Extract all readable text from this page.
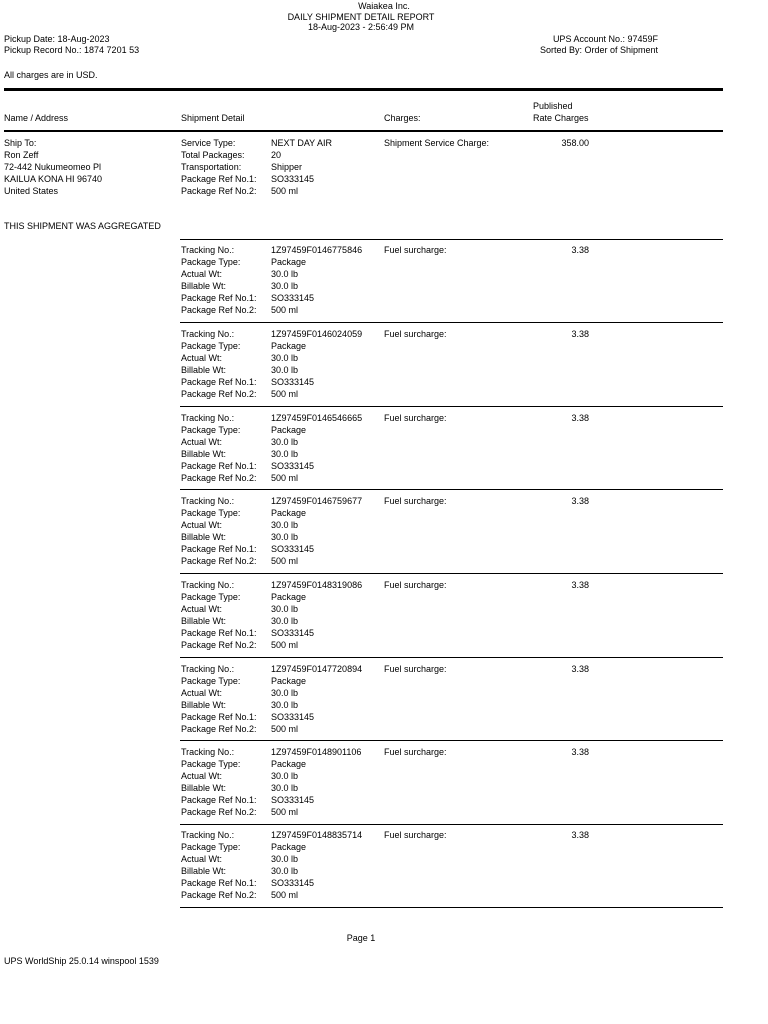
Waiakea Inc.
DAILY SHIPMENT DETAIL REPORT
18-Aug-2023 - 2:56:49 PM
Pickup Date: 18-Aug-2023
Pickup Record No.: 1874 7201 53
UPS Account No.: 97459F
Sorted By: Order of Shipment
All charges are in USD.
Name / Address	Shipment Detail	Charges:
Published
Rate Charges
Ship To:
Ron Zeff
72-442 Nukumeomeo Pl
KAILUA KONA HI 96740
United States
Service Type:	NEXT DAY AIR
Total Packages:	20
Transportation:	Shipper
Package Ref No.1:	SO333145
Package Ref No.2:	500 ml
Shipment Service Charge:	358.00
THIS SHIPMENT WAS AGGREGATED
Tracking No.:	1Z97459F0146775846
Package Type:	Package
Actual Wt:	30.0 lb
Billable Wt:	30.0 lb
Package Ref No.1:	SO333145
Package Ref No.2:	500 ml
Fuel surcharge:	3.38
Tracking No.:	1Z97459F0146024059
Package Type:	Package
Actual Wt:	30.0 lb
Billable Wt:	30.0 lb
Package Ref No.1:	SO333145
Package Ref No.2:	500 ml
Fuel surcharge:	3.38
Tracking No.:	1Z97459F0146546665
Package Type:	Package
Actual Wt:	30.0 lb
Billable Wt:	30.0 lb
Package Ref No.1:	SO333145
Package Ref No.2:	500 ml
Fuel surcharge:	3.38
Tracking No.:	1Z97459F0146759677
Package Type:	Package
Actual Wt:	30.0 lb
Billable Wt:	30.0 lb
Package Ref No.1:	SO333145
Package Ref No.2:	500 ml
Fuel surcharge:	3.38
Tracking No.:	1Z97459F0148319086
Package Type:	Package
Actual Wt:	30.0 lb
Billable Wt:	30.0 lb
Package Ref No.1:	SO333145
Package Ref No.2:	500 ml
Fuel surcharge:	3.38
Tracking No.:	1Z97459F0147720894
Package Type:	Package
Actual Wt:	30.0 lb
Billable Wt:	30.0 lb
Package Ref No.1:	SO333145
Package Ref No.2:	500 ml
Fuel surcharge:	3.38
Tracking No.:	1Z97459F0148901106
Package Type:	Package
Actual Wt:	30.0 lb
Billable Wt:	30.0 lb
Package Ref No.1:	SO333145
Package Ref No.2:	500 ml
Fuel surcharge:	3.38
Tracking No.:	1Z97459F0148835714
Package Type:	Package
Actual Wt:	30.0 lb
Billable Wt:	30.0 lb
Package Ref No.1:	SO333145
Package Ref No.2:	500 ml
Fuel surcharge:	3.38
Page 1
UPS WorldShip 25.0.14 winspool 1539
